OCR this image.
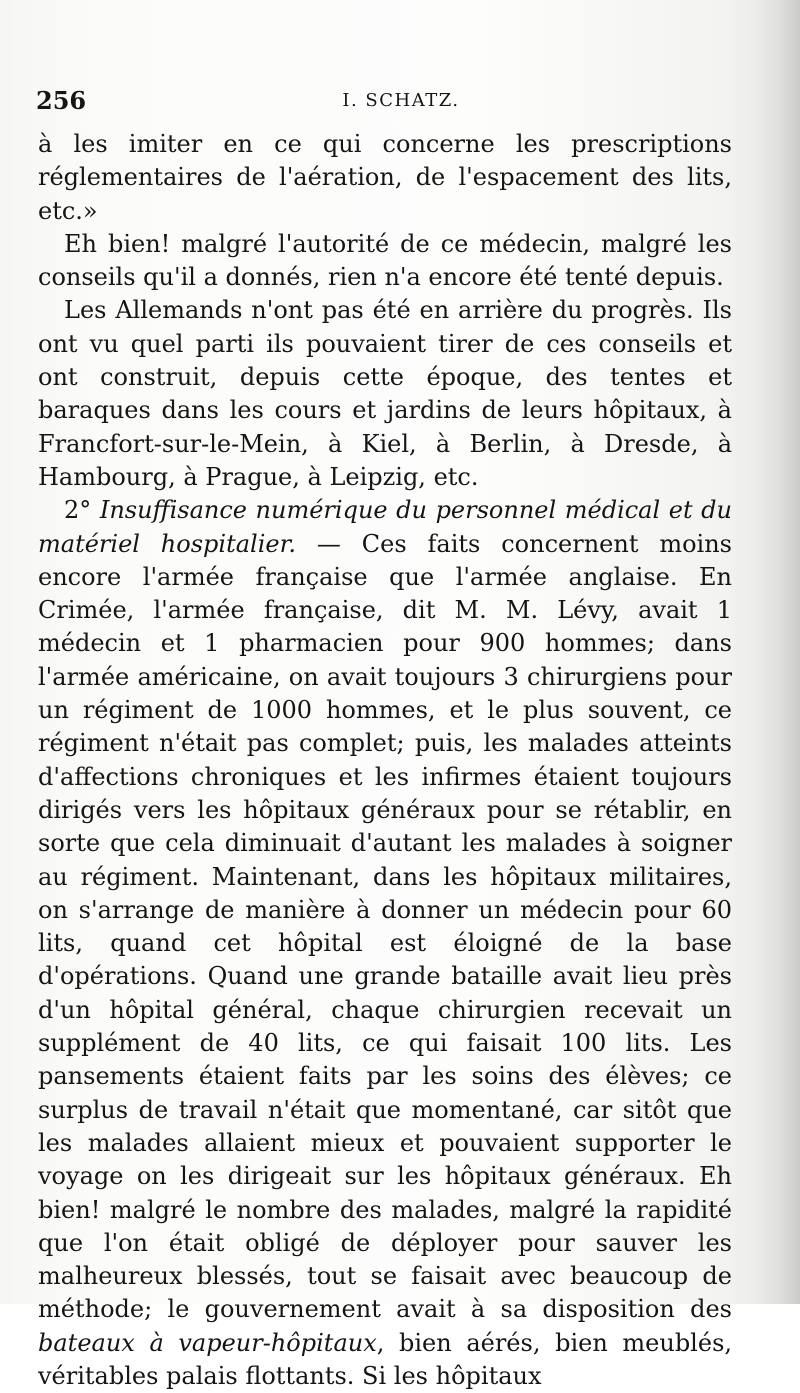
256	I. SCHATZ.

à les imiter en ce qui concerne les prescriptions réglementaires de l'aération, de l'espacement des lits, etc.»

Eh bien! malgré l'autorité de ce médecin, malgré les conseils qu'il a donnés, rien n'a encore été tenté depuis.

Les Allemands n'ont pas été en arrière du progrès. Ils ont vu quel parti ils pouvaient tirer de ces conseils et ont construit, depuis cette époque, des tentes et baraques dans les cours et jardins de leurs hôpitaux, à Francfort-sur-le-Mein, à Kiel, à Berlin, à Dresde, à Hambourg, à Prague, à Leipzig, etc.

2° Insuffisance numérique du personnel médical et du matériel hospitalier. — Ces faits concernent moins encore l'armée française que l'armée anglaise. En Crimée, l'armée française, dit M. M. Lévy, avait 1 médecin et 1 pharmacien pour 900 hommes; dans l'armée américaine, on avait toujours 3 chirurgiens pour un régiment de 1000 hommes, et le plus souvent, ce régiment n'était pas complet; puis, les malades atteints d'affections chroniques et les infirmes étaient toujours dirigés vers les hôpitaux généraux pour se rétablir, en sorte que cela diminuait d'autant les malades à soigner au régiment. Maintenant, dans les hôpitaux militaires, on s'arrange de manière à donner un médecin pour 60 lits, quand cet hôpital est éloigné de la base d'opérations. Quand une grande bataille avait lieu près d'un hôpital général, chaque chirurgien recevait un supplément de 40 lits, ce qui faisait 100 lits. Les pansements étaient faits par les soins des élèves; ce surplus de travail n'était que momentané, car sitôt que les malades allaient mieux et pouvaient supporter le voyage on les dirigeait sur les hôpitaux généraux. Eh bien! malgré le nombre des malades, malgré la rapidité que l'on était obligé de déployer pour sauver les malheureux blessés, tout se faisait avec beaucoup de méthode; le gouvernement avait à sa disposition des bateaux à vapeur-hôpitaux, bien aérés, bien meublés, véritables palais flottants. Si les hôpitaux
